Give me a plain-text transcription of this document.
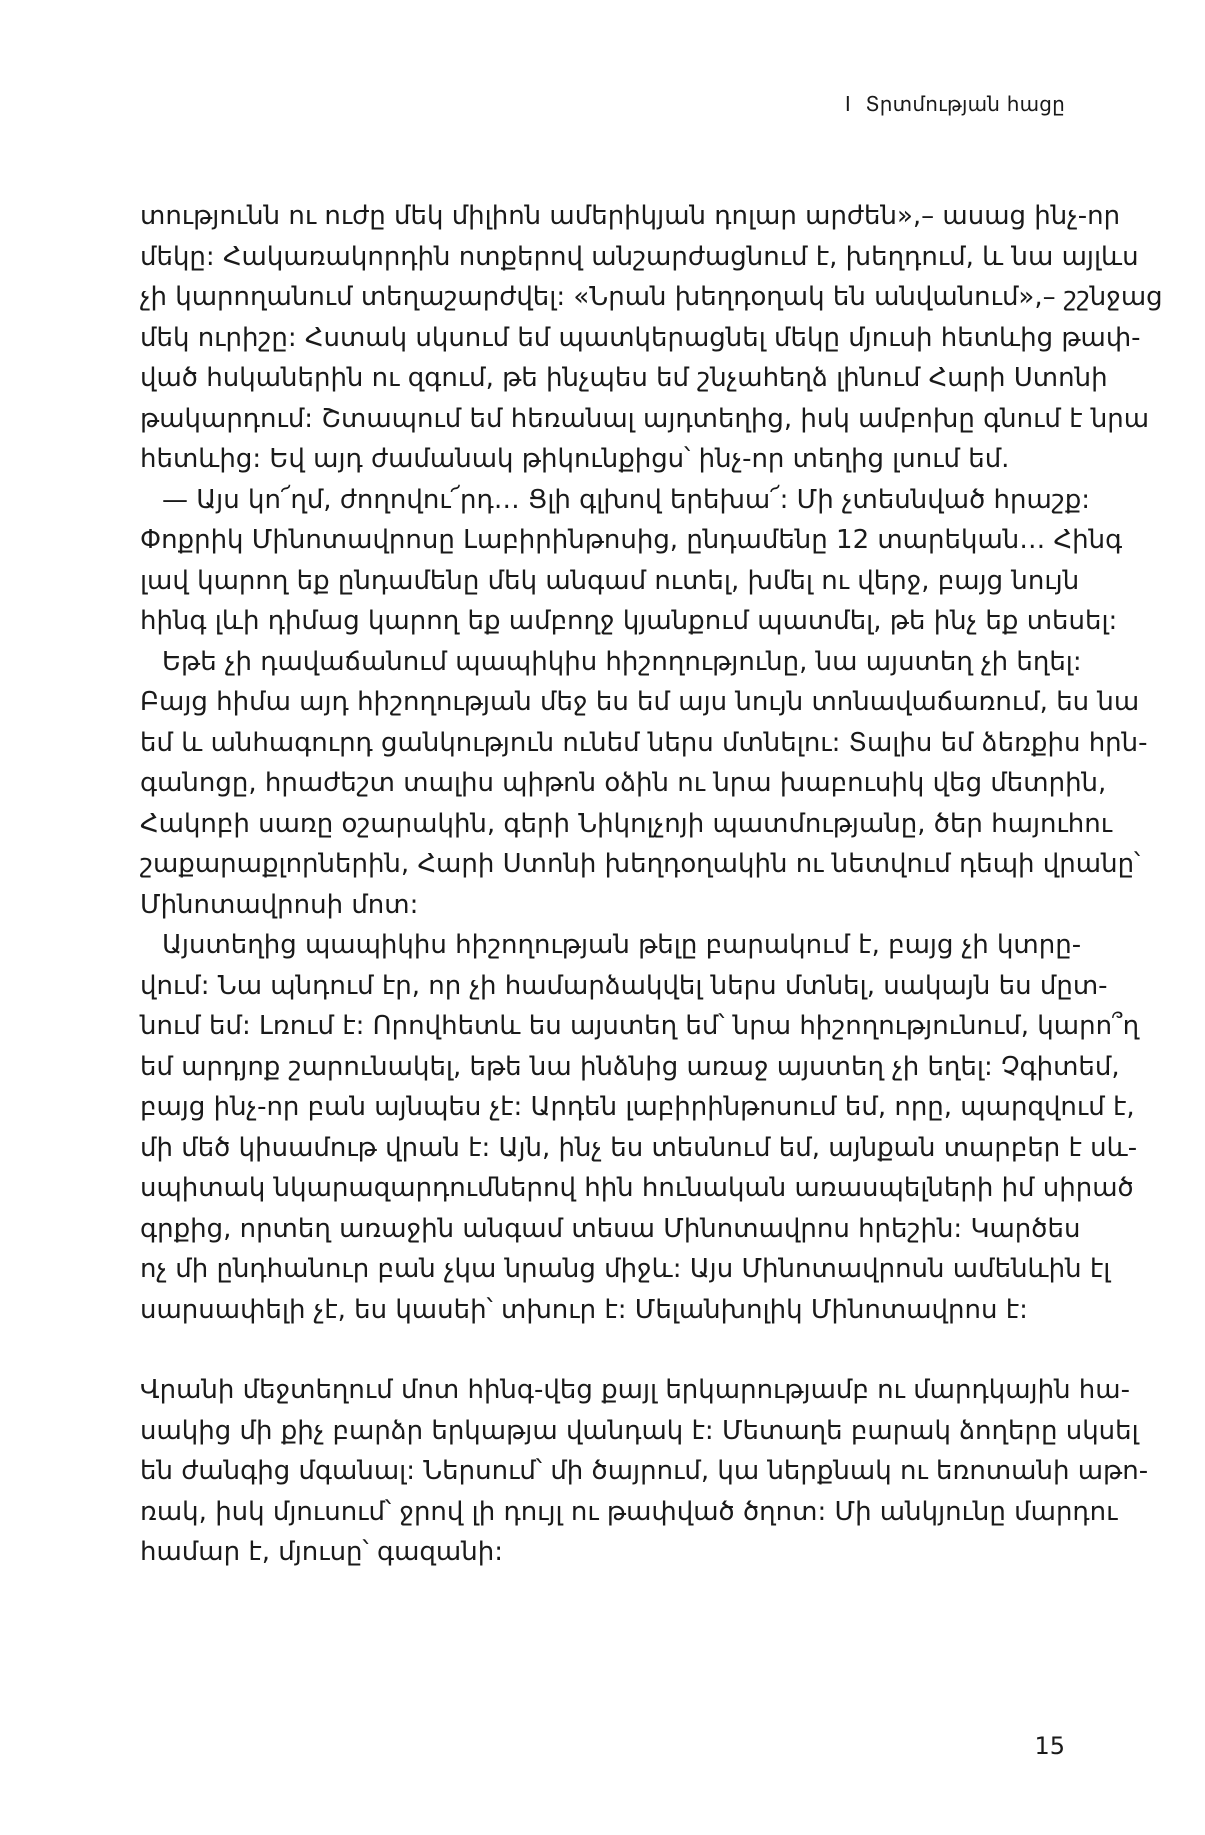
I Տրտմության հացը
տությունն ու ուժը մեկ միլիոն ամերիկյան դոլար արժեն»,– ասաց ինչ-որ
մեկը: Հակառակորդին ոտքերով անշարժացնում է, խեղդում, և նա այլևս
չի կարողանում տեղաշարժվել: «Նրան խեղդօղակ են անվանում»,– շշնջաց
մեկ ուրիշը: Հստակ սկսում եմ պատկերացնել մեկը մյուսի հետևից թափ-
ված հսկաներին ու զգում, թե ինչպես եմ շնչահեղձ լինում Հարի Ստոնի
թակարդում: Շտապում եմ հեռանալ այդտեղից, իսկ ամբոխը գնում է նրա
հետևից: Եվ այդ ժամանակ թիկունքիցս՝ ինչ-որ տեղից լսում եմ.
— Այս կո՜ղմ, ժողովու՜րդ… Ցլի գլխով երեխա՜: Մի չտեսնված հրաշք:
Փոքրիկ Մինոտավրոսը Լաբիրինթոսից, ընդամենը 12 տարեկան… Հինգ
լավ կարող եք ընդամենը մեկ անգամ ուտել, խմել ու վերջ, բայց նույն
հինգ լևի դիմաց կարող եք ամբողջ կյանքում պատմել, թե ինչ եք տեսել:
Եթե չի դավաճանում պապիկիս հիշողությունը, նա այստեղ չի եղել:
Բայց հիմա այդ հիշողության մեջ ես եմ այս նույն տոնավաճառում, ես նա
եմ և անհագուրդ ցանկություն ունեմ ներս մտնելու: Տալիս եմ ձեռքիս հրն-
գանոցը, հրաժեշտ տալիս պիթոն օձին ու նրա խաբուսիկ վեց մետրին,
Հակոբի սառը օշարակին, գերի Նիկոլչոյի պատմությանը, ծեր հայուհու
շաքարաքլորներին, Հարի Ստոնի խեղդօղակին ու նետվում դեպի վրանը՝
Մինոտավրոսի մոտ:
Այստեղից պապիկիս հիշողության թելը բարակում է, բայց չի կտրը-
վում: Նա պնդում էր, որ չի համարձակվել ներս մտնել, սակայն ես մըտ-
նում եմ: Լռում է: Որովհետև ես այստեղ եմ՝ նրա հիշողությունում, կարո՞ղ
եմ արդյոք շարունակել, եթե նա ինձնից առաջ այստեղ չի եղել: Չգիտեմ,
բայց ինչ-որ բան այնպես չէ: Արդեն լաբիրինթոսում եմ, որը, պարզվում է,
մի մեծ կիսամութ վրան է: Այն, ինչ ես տեսնում եմ, այնքան տարբեր է սև-
սպիտակ նկարազարդումներով հին հունական առասպելների իմ սիրած
գրքից, որտեղ առաջին անգամ տեսա Մինոտավրոս հրեշին: Կարծես
ոչ մի ընդհանուր բան չկա նրանց միջև: Այս Մինոտավրոսն ամենևին էլ
սարսափելի չէ, ես կասեի՝ տխուր է: Մելանխոլիկ Մինոտավրոս է:
Վրանի մեջտեղում մոտ հինգ-վեց քայլ երկարությամբ ու մարդկային հա-
սակից մի քիչ բարձր երկաթյա վանդակ է: Մետաղե բարակ ձողերը սկսել
են ժանգից մգանալ: Ներսում՝ մի ծայրում, կա ներքնակ ու եռոտանի աթո-
ռակ, իսկ մյուսում՝ ջրով լի դույլ ու թափված ծղոտ: Մի անկյունը մարդու
համար է, մյուսը՝ գազանի:
15
